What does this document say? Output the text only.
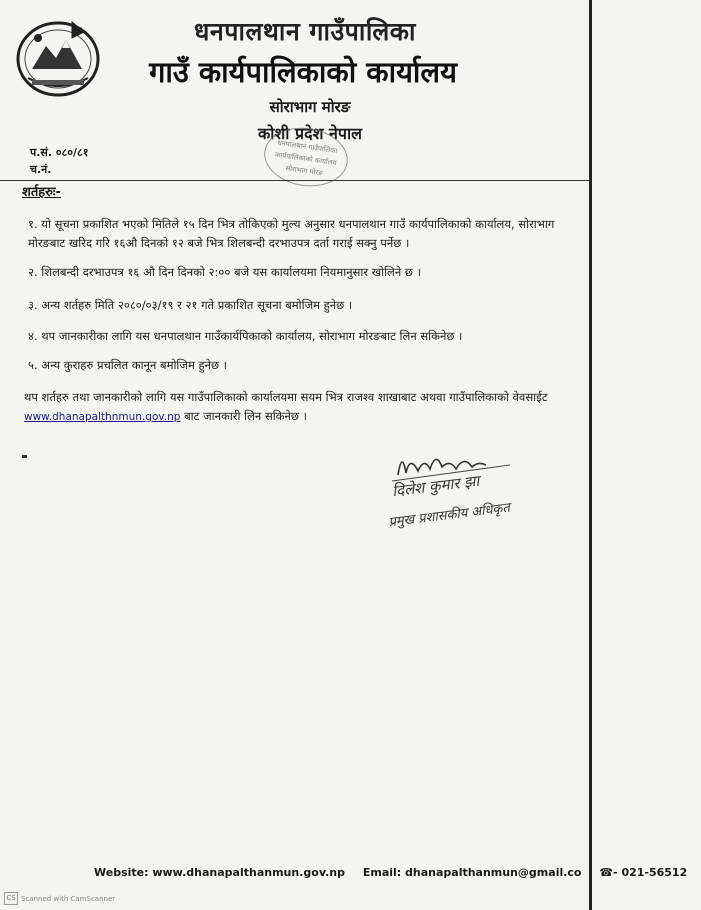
धनपालथान गाउँपालिका
गाउँ कार्यपालिकाको कार्यालय
सोराभाग मोरङ
कोशी प्रदेश नेपाल
धनपालथान गाउँपालिका
कार्यपालिकाको कार्यालय
सोराभाग मोरङ
प.सं. ०८०/८१
च.नं.
शर्तहरुः-
१. यो सूचना प्रकाशित भएको मितिले १५ दिन भित्र तोकिएको मुल्य अनुसार धनपालथान गाउँ कार्यपालिकाको कार्यालय, सोराभाग मोरङबाट खरिद गरि १६औ दिनको १२ बजे भित्र शिलबन्दी दरभाउपत्र दर्ता गराई सक्नु पर्नेछ ।
२. शिलबन्दी दरभाउपत्र १६ औ दिन दिनको २:०० बजे यस कार्यालयमा नियमानुसार खोलिने छ ।
३. अन्य शर्तहरु मिति २०८०/०३/१९ र २१ गते प्रकाशित सूचना बमोजिम हुनेछ ।
४. थप जानकारीका लागि यस धनपालथान गाउँकार्यपिकाको कार्यालय, सोराभाग मोरङबाट लिन सकिनेछ ।
५. अन्य कुराहरु प्रचलित कानून बमोजिम हुनेछ ।
थप शर्तहरु तथा जानकारीको लागि यस गाउँपालिकाको कार्यालयमा सयम भित्र राजश्व शाखाबाट अथवा गाउँपालिकाको वेवसाईट www.dhanapalthnmun.gov.np बाट जानकारी लिन सकिनेछ ।
दिलेश कुमार झा
प्रमुख प्रशासकीय अधिकृत
Website: www.dhanapalthanmun.gov.np Email: dhanapalthanmun@gmail.co ☎- 021-56512
CS Scanned with CamScanner
